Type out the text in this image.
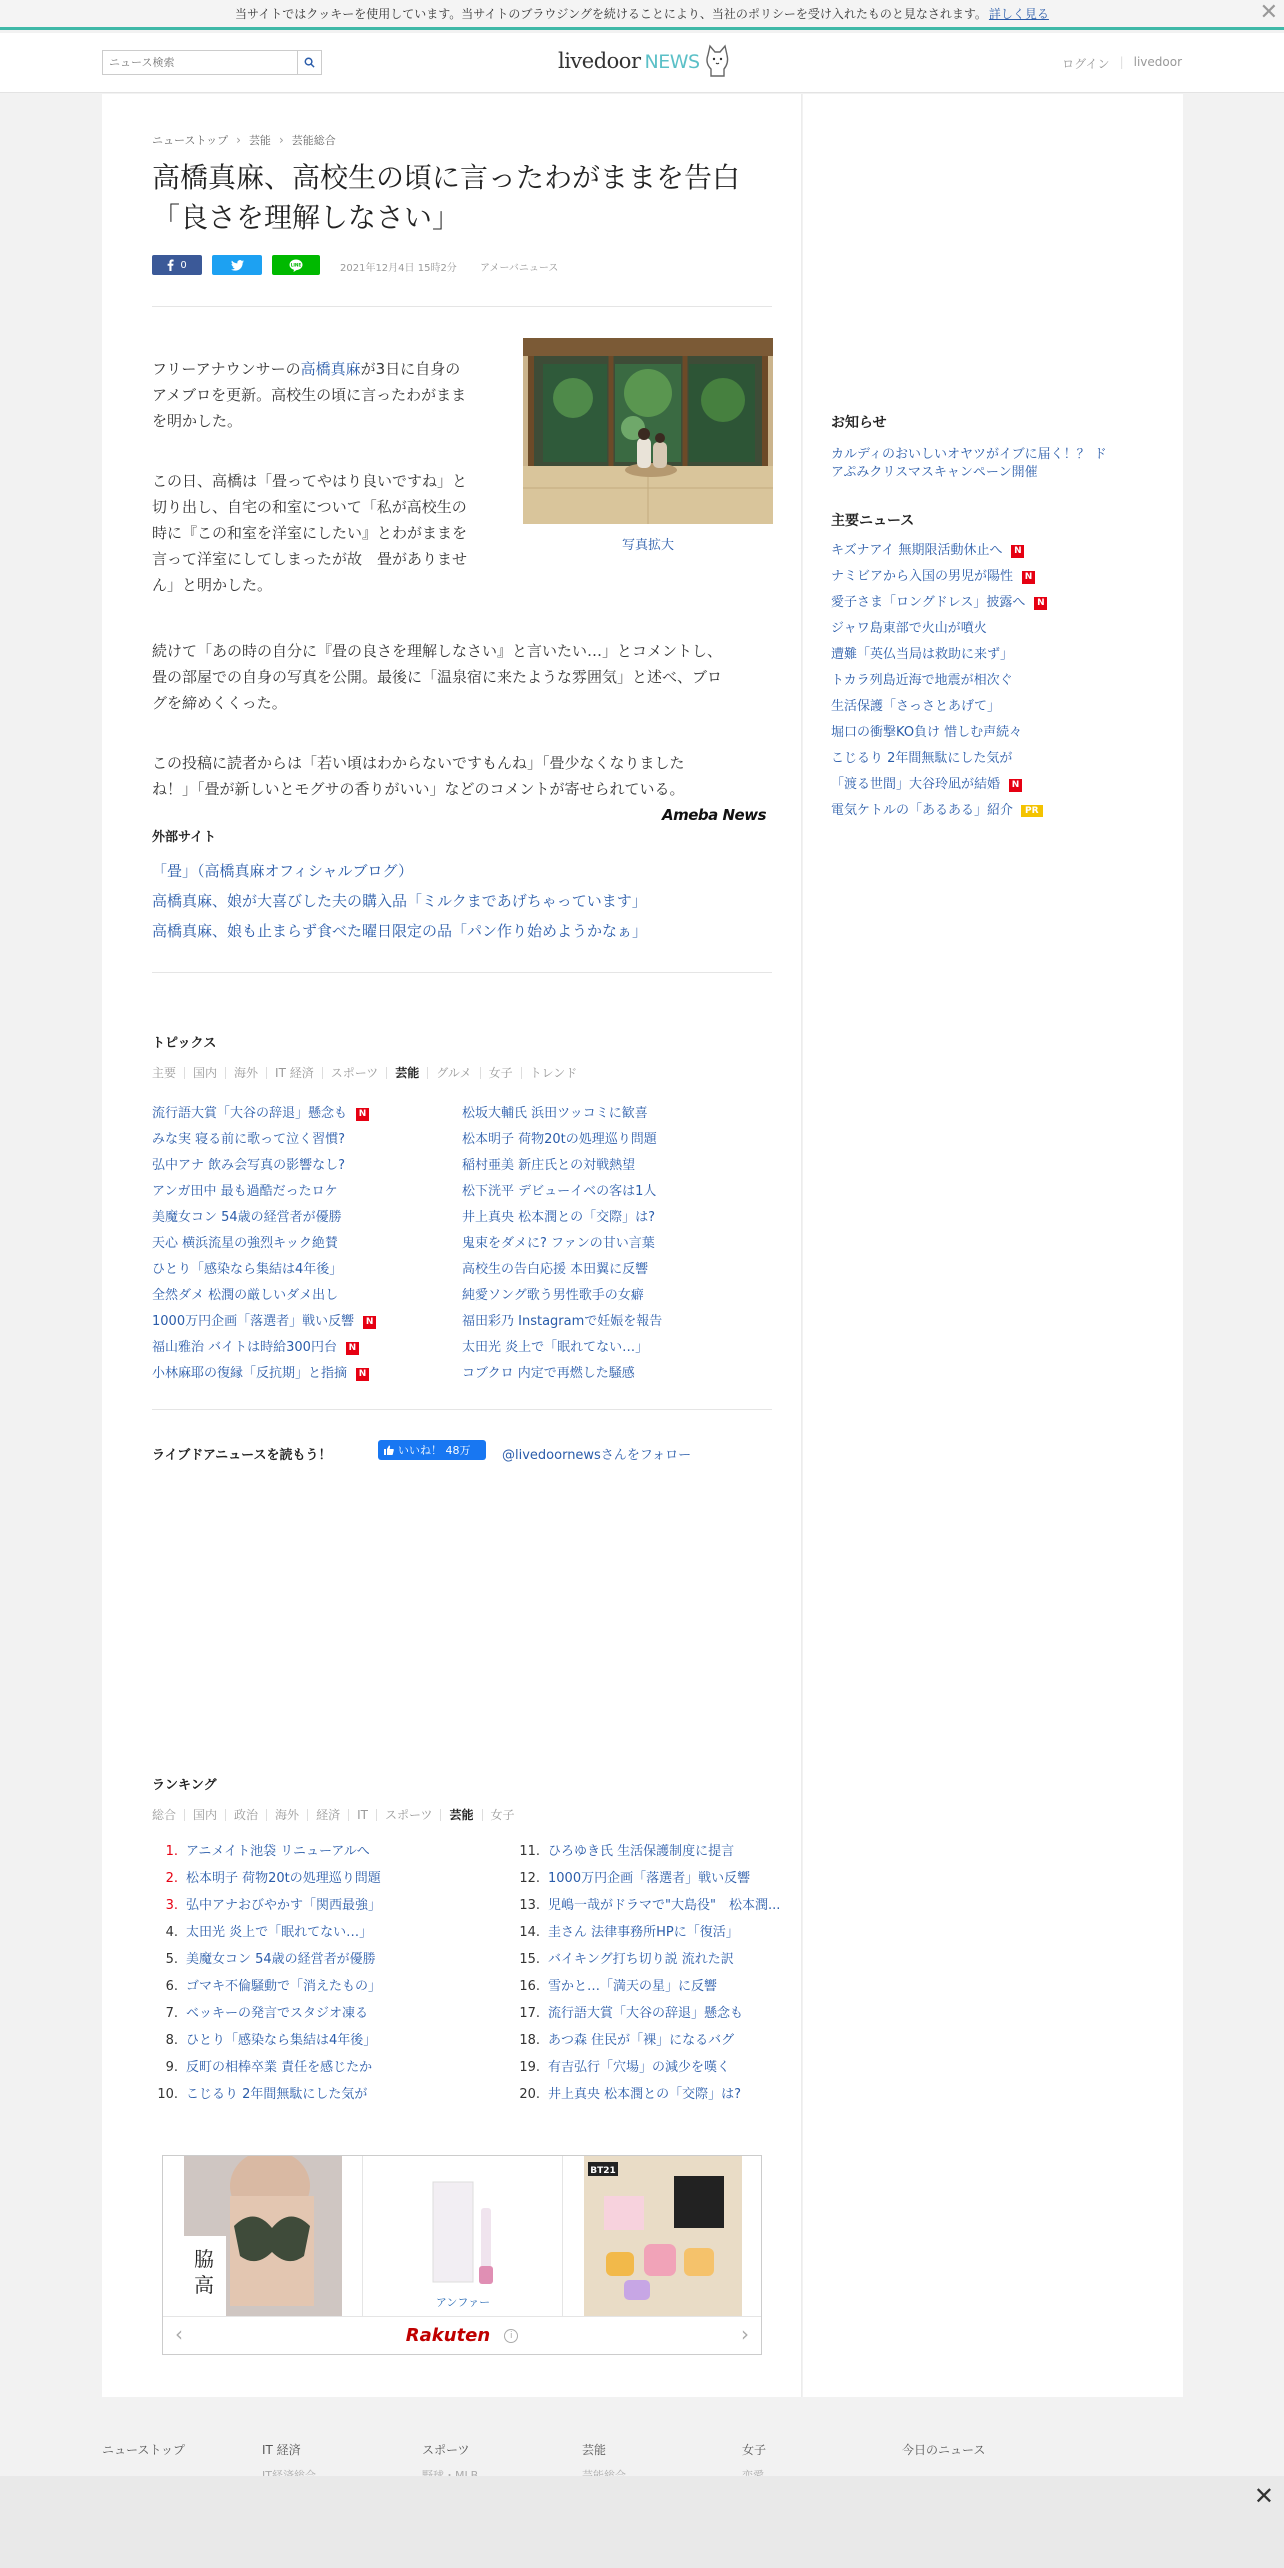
当サイトではクッキーを使用しています。当サイトのブラウジングを続けることにより、当社のポリシーを受け入れたものと見なされます。 詳しく見る	✕
ニュース検索
livedoor NEWS	ログイン | livedoor
ニューストップ › 芸能 › 芸能総合
高橋真麻、高校生の頃に言ったわがままを告白
「良さを理解しなさい」
0	LINE	2021年12月4日 15時2分 アメーバニュース
写真拡大

フリーアナウンサーの高橋真麻が3日に自身の
アメブロを更新。高校生の頃に言ったわがまま
を明かした。

この日、高橋は「畳ってやはり良いですね」と
切り出し、自宅の和室について「私が高校生の
時に『この和室を洋室にしたい』とわがままを
言って洋室にしてしまったが故　畳がありませ
ん」と明かした。

続けて「あの時の自分に『畳の良さを理解しなさい』と言いたい…」とコメントし、
畳の部屋での自身の写真を公開。最後に「温泉宿に来たような雰囲気」と述べ、ブロ
グを締めくくった。

この投稿に読者からは「若い頃はわからないですもんね」「畳少なくなりました
ね！」「畳が新しいとモグサの香りがいい」などのコメントが寄せられている。

Ameba News
外部サイト
「畳」（高橋真麻オフィシャルブログ）
高橋真麻、娘が大喜びした夫の購入品「ミルクまであげちゃっています」
高橋真麻、娘も止まらず食べた曜日限定の品「パン作り始めようかなぁ」
トピックス
主要	国内	海外	IT 経済	スポーツ	芸能	グルメ	女子	トレンド
流行語大賞「大谷の辞退」懸念も N
みな実 寝る前に歌って泣く習慣?
弘中アナ 飲み会写真の影響なし?
アンガ田中 最も過酷だったロケ
美魔女コン 54歳の経営者が優勝
天心 横浜流星の強烈キック絶賛
ひとり「感染なら集結は4年後」
全然ダメ 松潤の厳しいダメ出し
1000万円企画「落選者」戦い反響 N
福山雅治 バイトは時給300円台 N
小林麻耶の復縁「反抗期」と指摘 N
松坂大輔氏 浜田ツッコミに歓喜
松本明子 荷物20tの処理巡り問題
稲村亜美 新庄氏との対戦熱望
松下洸平 デビューイベの客は1人
井上真央 松本潤との「交際」は?
鬼束をダメに? ファンの甘い言葉
高校生の告白応援 本田翼に反響
純愛ソング歌う男性歌手の女癖
福田彩乃 Instagramで妊娠を報告
太田光 炎上で「眠れてない…」
コブクロ 内定で再燃した騒感
ライブドアニュースを読もう！	いいね！ 48万 @livedoornewsさんをフォロー
ランキング
総合	国内	政治	海外	経済	IT	スポーツ	芸能	女子
1. アニメイト池袋 リニューアルへ
2. 松本明子 荷物20tの処理巡り問題
3. 弘中アナおびやかす「関西最強」
4. 太田光 炎上で「眠れてない…」
5. 美魔女コン 54歳の経営者が優勝
6. ゴマキ不倫騒動で「消えたもの」
7. ベッキーの発言でスタジオ凍る
8. ひとり「感染なら集結は4年後」
9. 反町の相棒卒業 責任を感じたか
10. こじるり 2年間無駄にした気が
11. ひろゆき氏 生活保護制度に提言
12. 1000万円企画「落選者」戦い反響
13. 児嶋一哉がドラマで"大島役"　松本潤...
14. 圭さん 法律事務所HPに「復活」
15. バイキング打ち切り説 流れた訳
16. 雪かと…「満天の星」に反響
17. 流行語大賞「大谷の辞退」懸念も
18. あつ森 住民が「裸」になるバグ
19. 有吉弘行「穴場」の減少を嘆く
20. 井上真央 松本潤との「交際」は?
脇
高
アンファー
BT21
Rakuten	i
‹	›
お知らせ
カルディのおいしいオヤツがイブに届く！？ ド
アぷみクリスマスキャンペーン開催
主要ニュース
キズナアイ 無期限活動休止へ N
ナミビアから入国の男児が陽性 N
愛子さま「ロングドレス」披露へ N
ジャワ島東部で火山が噴火
遭難「英仏当局は救助に来ず」
トカラ列島近海で地震が相次ぐ
生活保護「さっさとあげて」
堀口の衝撃KO負け 惜しむ声続々
こじるり 2年間無駄にした気が
「渡る世間」大谷玲凪が結婚 N
電気ケトルの「あるある」紹介 PR
ニューストップ	IT 経済	スポーツ	芸能	女子	今日のニュース
✕
